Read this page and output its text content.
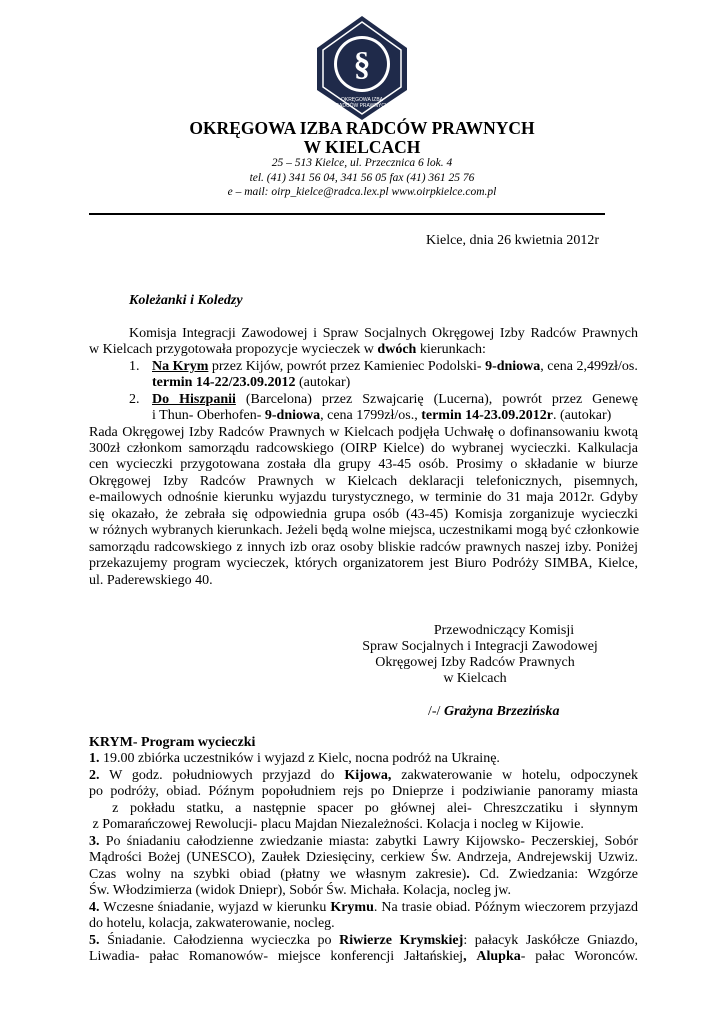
§
OKRĘGOWA IZBA
RADCÓW PRAWNYCH
OKRĘGOWA IZBA RADCÓW PRAWNYCH
W KIELCACH
25 – 513 Kielce, ul. Przecznica 6 lok. 4
tel. (41) 341 56 04, 341 56 05 fax (41) 361 25 76
e – mail: oirp_kielce@radca.lex.pl www.oirpkielce.com.pl
Kielce, dnia 26 kwietnia 2012r
Koleżanki i Koledzy
Komisja Integracji Zawodowej i Spraw Socjalnych Okręgowej Izby Radców Prawnych
w Kielcach przygotowała propozycje wycieczek w dwóch kierunkach:
1. Na Krym przez Kijów, powrót przez Kamieniec Podolski- 9-dniowa, cena 2,499zł/os.
termin 14-22/23.09.2012 (autokar)
2. Do Hiszpanii (Barcelona) przez Szwajcarię (Lucerna), powrót przez Genewę
i Thun- Oberhofen- 9-dniowa, cena 1799zł/os., termin 14-23.09.2012r. (autokar)
Rada Okręgowej Izby Radców Prawnych w Kielcach podjęła Uchwałę o dofinansowaniu kwotą
300zł członkom samorządu radcowskiego (OIRP Kielce) do wybranej wycieczki. Kalkulacja
cen wycieczki przygotowana została dla grupy 43-45 osób. Prosimy o składanie w biurze
Okręgowej Izby Radców Prawnych w Kielcach deklaracji telefonicznych, pisemnych,
e-mailowych odnośnie kierunku wyjazdu turystycznego, w terminie do 31 maja 2012r. Gdyby
się okazało, że zebrała się odpowiednia grupa osób (43-45) Komisja zorganizuje wycieczki
w różnych wybranych kierunkach. Jeżeli będą wolne miejsca, uczestnikami mogą być członkowie
samorządu radcowskiego z innych izb oraz osoby bliskie radców prawnych naszej izby. Poniżej
przekazujemy program wycieczek, których organizatorem jest Biuro Podróży SIMBA, Kielce,
ul. Paderewskiego 40.
Przewodniczący Komisji
Spraw Socjalnych i Integracji Zawodowej
Okręgowej Izby Radców Prawnych
w Kielcach
/-/ Grażyna Brzezińska
KRYM- Program wycieczki
1. 19.00 zbiórka uczestników i wyjazd z Kielc, nocna podróż na Ukrainę.
2. W godz. południowych przyjazd do Kijowa, zakwaterowanie w hotelu, odpoczynek
po podróży, obiad. Późnym popołudniem rejs po Dnieprze i podziwianie panoramy miasta
z pokładu statku, a następnie spacer po głównej alei- Chreszczatiku i słynnym
z Pomarańczowej Rewolucji- placu Majdan Niezależności. Kolacja i nocleg w Kijowie.
3. Po śniadaniu całodzienne zwiedzanie miasta: zabytki Lawry Kijowsko- Peczerskiej, Sobór
Mądrości Bożej (UNESCO), Zaułek Dziesięciny, cerkiew Św. Andrzeja, Andrejewskij Uzwiz.
Czas wolny na szybki obiad (płatny we własnym zakresie). Cd. Zwiedzania: Wzgórze
Św. Włodzimierza (widok Dniepr), Sobór Św. Michała. Kolacja, nocleg jw.
4. Wczesne śniadanie, wyjazd w kierunku Krymu. Na trasie obiad. Późnym wieczorem przyjazd
do hotelu, kolacja, zakwaterowanie, nocleg.
5. Śniadanie. Całodzienna wycieczka po Riwierze Krymskiej: pałacyk Jaskółcze Gniazdo,
Liwadia- pałac Romanowów- miejsce konferencji Jałtańskiej, Alupka- pałac Woronców.
